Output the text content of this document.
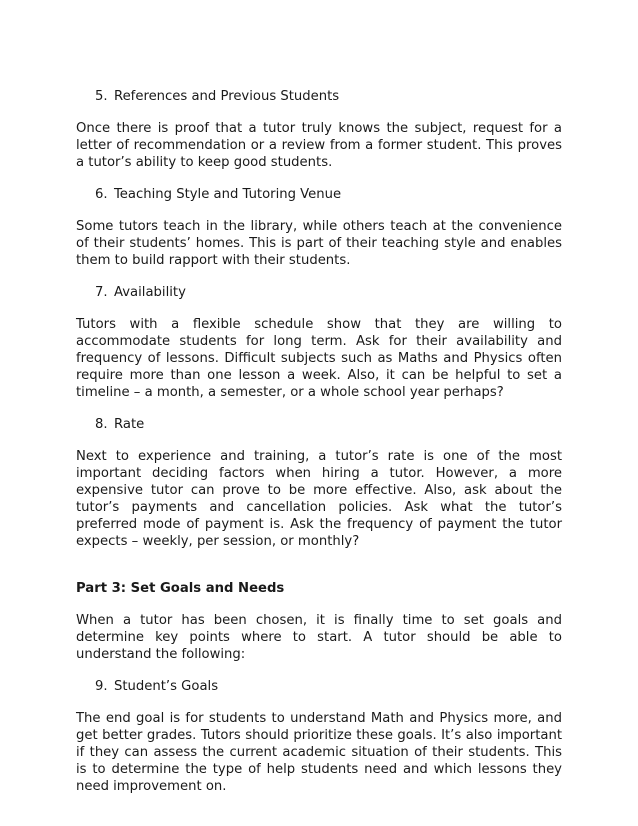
5. References and Previous Students
Once there is proof that a tutor truly knows the subject, request for a letter of recommendation or a review from a former student. This proves a tutor’s ability to keep good students.
6. Teaching Style and Tutoring Venue
Some tutors teach in the library, while others teach at the convenience of their students’ homes. This is part of their teaching style and enables them to build rapport with their students.
7. Availability
Tutors with a flexible schedule show that they are willing to accommodate students for long term. Ask for their availability and frequency of lessons. Difficult subjects such as Maths and Physics often require more than one lesson a week. Also, it can be helpful to set a timeline – a month, a semester, or a whole school year perhaps?
8. Rate
Next to experience and training, a tutor’s rate is one of the most important deciding factors when hiring a tutor. However, a more expensive tutor can prove to be more effective. Also, ask about the tutor’s payments and cancellation policies. Ask what the tutor’s preferred mode of payment is. Ask the frequency of payment the tutor expects – weekly, per session, or monthly?
Part 3: Set Goals and Needs
When a tutor has been chosen, it is finally time to set goals and determine key points where to start. A tutor should be able to understand the following:
9. Student’s Goals
The end goal is for students to understand Math and Physics more, and get better grades. Tutors should prioritize these goals. It’s also important if they can assess the current academic situation of their students. This is to determine the type of help students need and which lessons they need improvement on.
